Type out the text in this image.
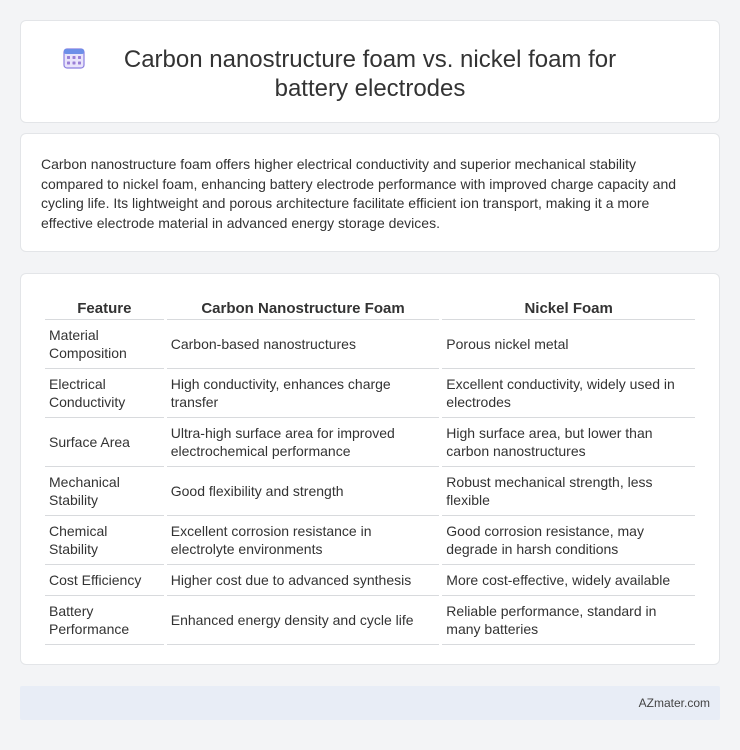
Carbon nanostructure foam vs. nickel foam for battery electrodes

Carbon nanostructure foam offers higher electrical conductivity and superior mechanical stability compared to nickel foam, enhancing battery electrode performance with improved charge capacity and cycling life. Its lightweight and porous architecture facilitate efficient ion transport, making it a more effective electrode material in advanced energy storage devices.

Feature	Carbon Nanostructure Foam	Nickel Foam
Material Composition	Carbon-based nanostructures	Porous nickel metal
Electrical Conductivity	High conductivity, enhances charge transfer	Excellent conductivity, widely used in electrodes
Surface Area	Ultra-high surface area for improved electrochemical performance	High surface area, but lower than carbon nanostructures
Mechanical Stability	Good flexibility and strength	Robust mechanical strength, less flexible
Chemical Stability	Excellent corrosion resistance in electrolyte environments	Good corrosion resistance, may degrade in harsh conditions
Cost Efficiency	Higher cost due to advanced synthesis	More cost-effective, widely available
Battery Performance	Enhanced energy density and cycle life	Reliable performance, standard in many batteries
AZmater.com
